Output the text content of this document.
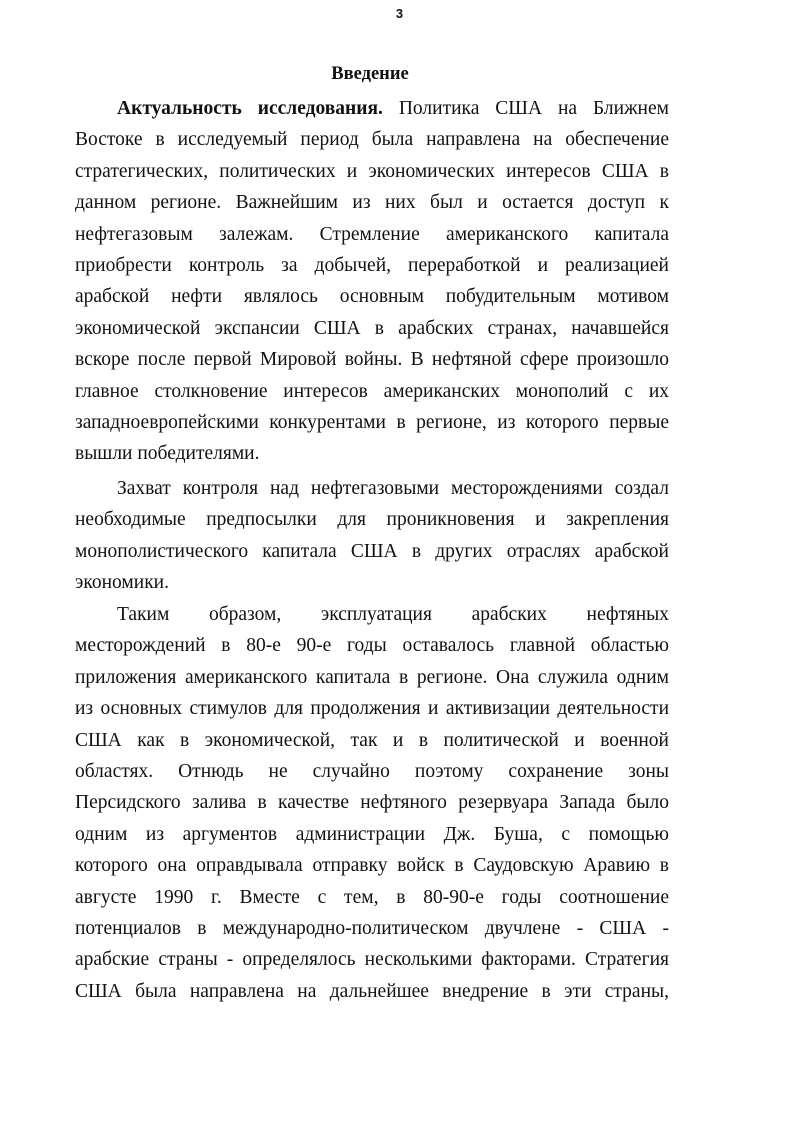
3
Введение
Актуальность исследования. Политика США на Ближнем
Востоке в исследуемый период была направлена на обеспечение
стратегических, политических и экономических интересов США в
данном регионе. Важнейшим из них был и остается доступ к
нефтегазовым залежам. Стремление американского капитала
приобрести контроль за добычей, переработкой и реализацией
арабской нефти являлось основным побудительным мотивом
экономической экспансии США в арабских странах, начавшейся
вскоре после первой Мировой войны. В нефтяной сфере произошло
главное столкновение интересов американских монополий с их
западноевропейскими конкурентами в регионе, из которого первые
вышли победителями.
Захват контроля над нефтегазовыми месторождениями создал
необходимые предпосылки для проникновения и закрепления
монополистического капитала США в других отраслях арабской
экономики.
Таким образом, эксплуатация арабских нефтяных
месторождений в 80-е 90-е годы оставалось главной областью
приложения американского капитала в регионе. Она служила одним
из основных стимулов для продолжения и активизации деятельности
США как в экономической, так и в политической и военной
областях. Отнюдь не случайно поэтому сохранение зоны
Персидского залива в качестве нефтяного резервуара Запада было
одним из аргументов администрации Дж. Буша, с помощью
которого она оправдывала отправку войск в Саудовскую Аравию в
августе 1990 г. Вместе с тем, в 80-90-е годы соотношение
потенциалов в международно-политическом двучлене - США -
арабские страны - определялось несколькими факторами. Стратегия
США была направлена на дальнейшее внедрение в эти страны,
